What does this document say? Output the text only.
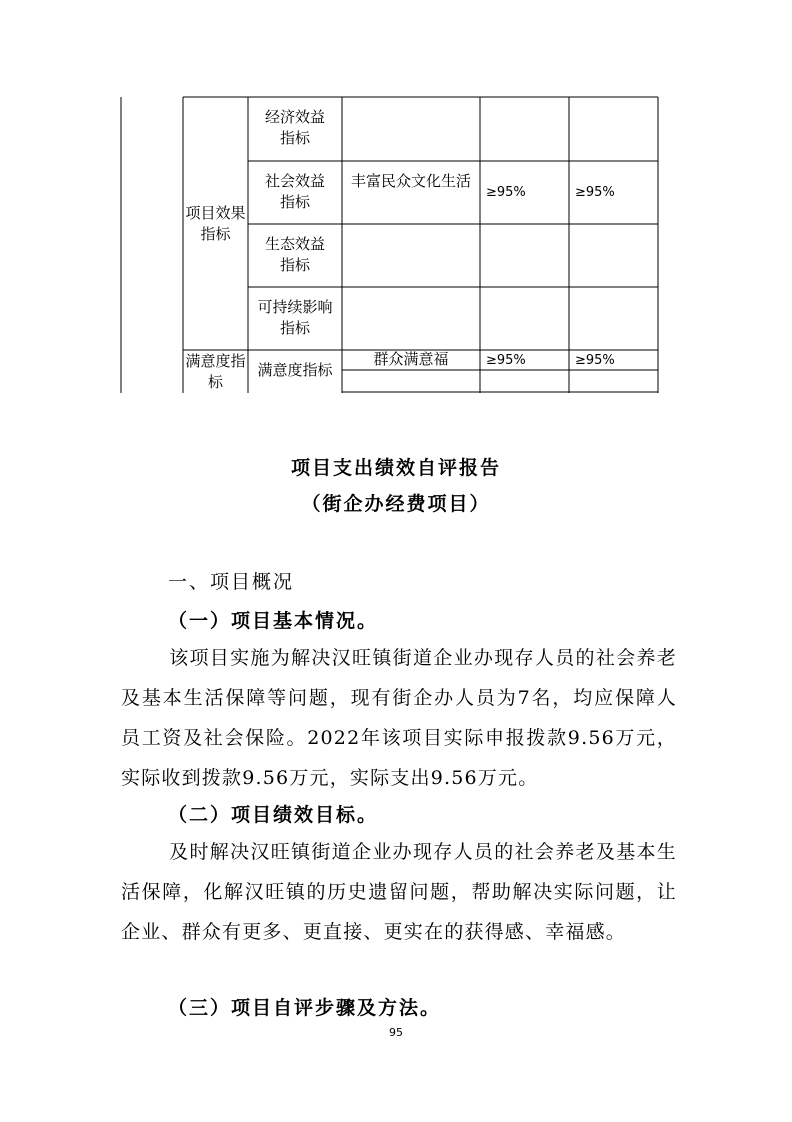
项目效果指标
满意度指标
经济效益指标
社会效益指标
生态效益指标
可持续影响指标
满意度指标
丰富民众文化生活
群众满意福
≥95%	≥95%
≥95%	≥95%
项目支出绩效自评报告
（街企办经费项目）
一、项目概况
（一）项目基本情况。
该项目实施为解决汉旺镇街道企业办现存人员的社会养老及基本生活保障等问题，现有街企办人员为7名，均应保障人员工资及社会保险。2022年该项目实际申报拨款9.56万元，实际收到拨款9.56万元，实际支出9.56万元。
（二）项目绩效目标。
及时解决汉旺镇街道企业办现存人员的社会养老及基本生活保障，化解汉旺镇的历史遗留问题，帮助解决实际问题，让企业、群众有更多、更直接、更实在的获得感、幸福感。
（三）项目自评步骤及方法。
95
